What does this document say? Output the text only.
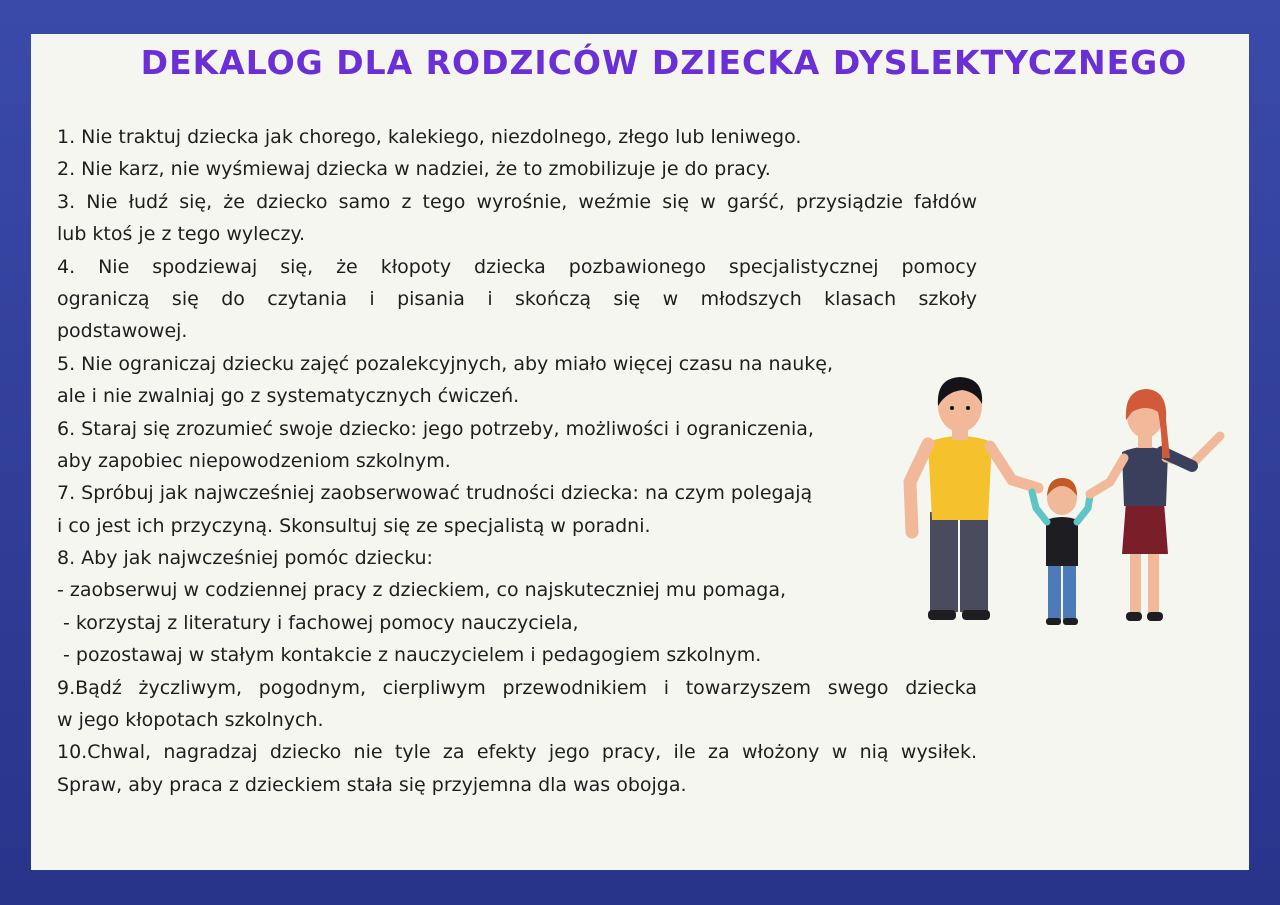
DEKALOG DLA RODZICÓW DZIECKA DYSLEKTYCZNEGO
1. Nie traktuj dziecka jak chorego, kalekiego, niezdolnego, złego lub leniwego.
2. Nie karz, nie wyśmiewaj dziecka w nadziei, że to zmobilizuje je do pracy.
3. Nie łudź się, że dziecko samo z tego wyrośnie, weźmie się w garść, przysiądzie fałdów
lub ktoś je z tego wyleczy.
4. Nie spodziewaj się, że kłopoty dziecka pozbawionego specjalistycznej pomocy
ograniczą się do czytania i pisania i skończą się w młodszych klasach szkoły
podstawowej.
5. Nie ograniczaj dziecku zajęć pozalekcyjnych, aby miało więcej czasu na naukę,
ale i nie zwalniaj go z systematycznych ćwiczeń.
6. Staraj się zrozumieć swoje dziecko: jego potrzeby, możliwości i ograniczenia,
aby zapobiec niepowodzeniom szkolnym.
7. Spróbuj jak najwcześniej zaobserwować trudności dziecka: na czym polegają
i co jest ich przyczyną. Skonsultuj się ze specjalistą w poradni.
8. Aby jak najwcześniej pomóc dziecku:
- zaobserwuj w codziennej pracy z dzieckiem, co najskuteczniej mu pomaga,
- korzystaj z literatury i fachowej pomocy nauczyciela,
- pozostawaj w stałym kontakcie z nauczycielem i pedagogiem szkolnym.
9.Bądź życzliwym, pogodnym, cierpliwym przewodnikiem i towarzyszem swego dziecka
w jego kłopotach szkolnych.
10.Chwal, nagradzaj dziecko nie tyle za efekty jego pracy, ile za włożony w nią wysiłek.
Spraw, aby praca z dzieckiem stała się przyjemna dla was obojga.
